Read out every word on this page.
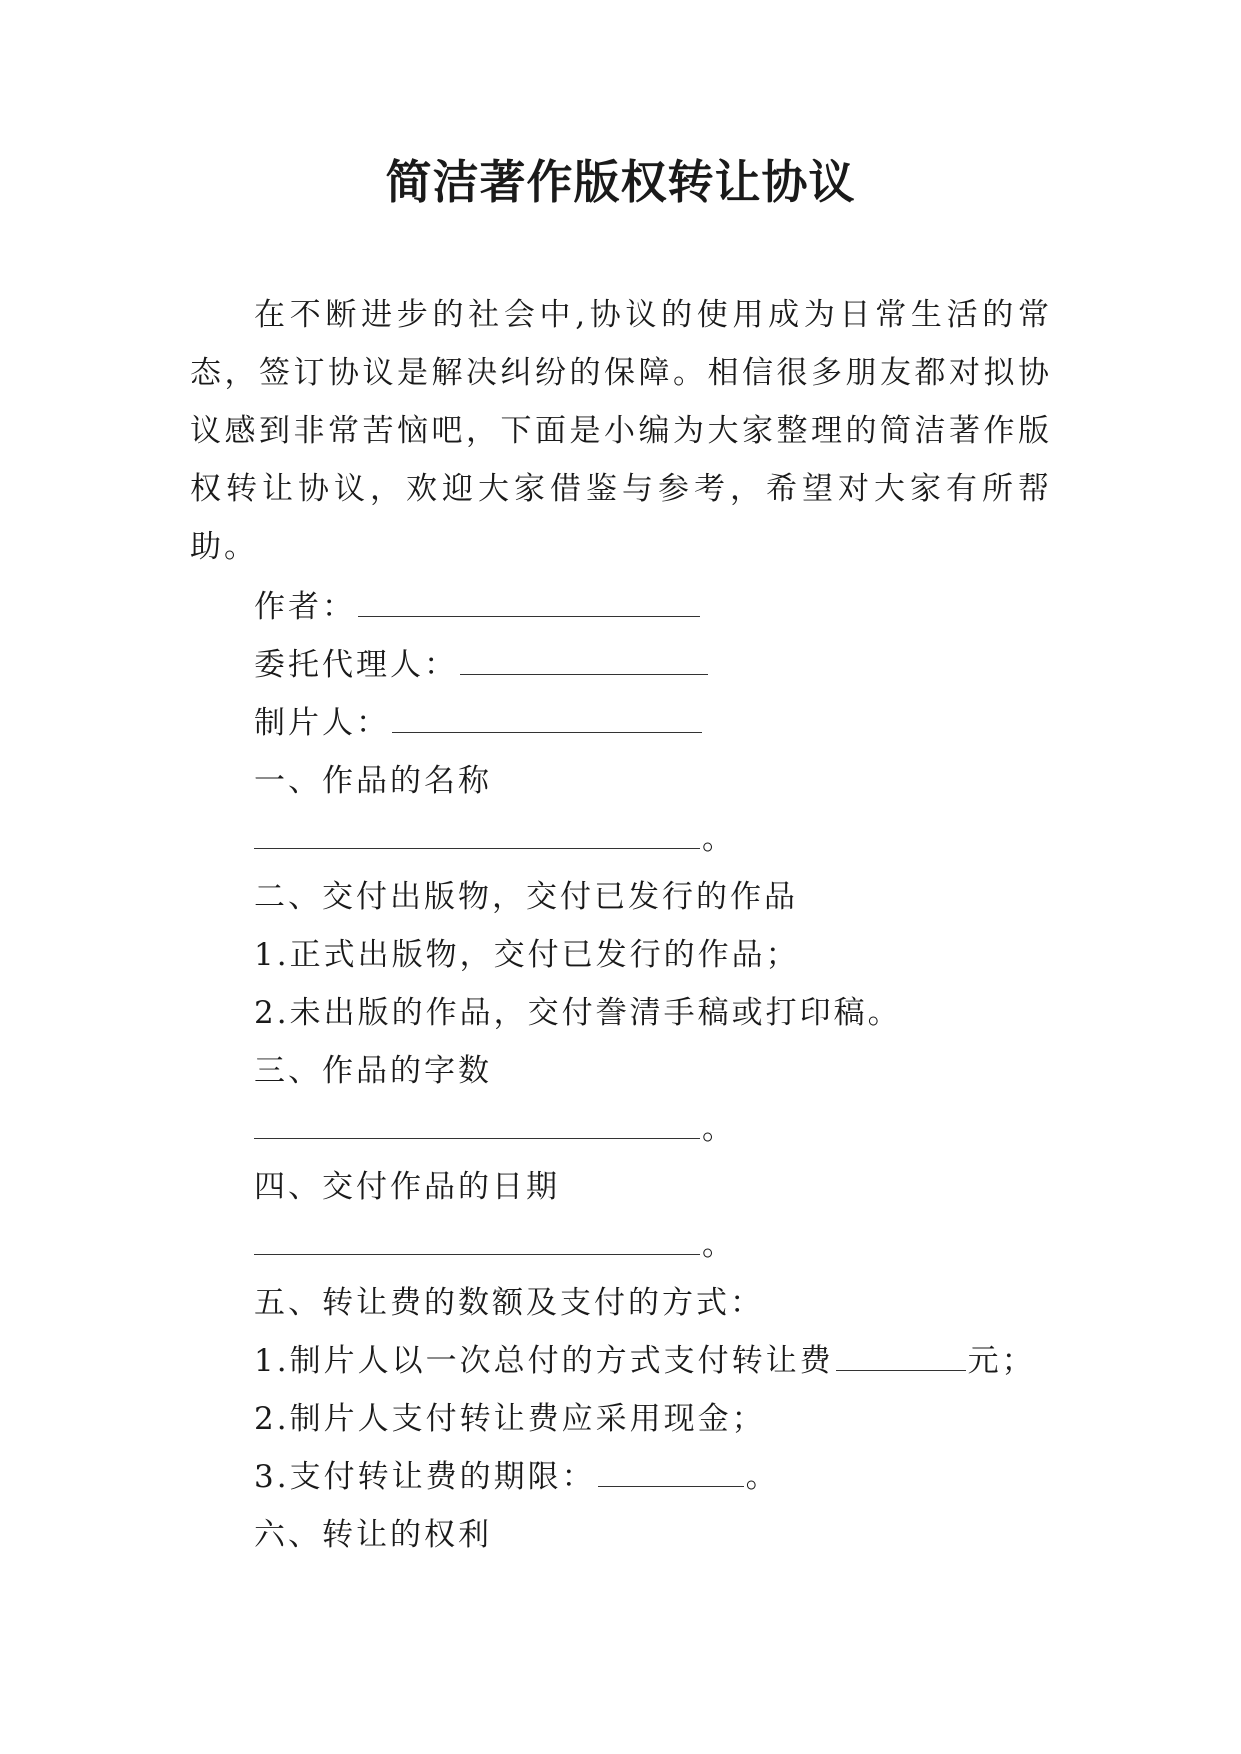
简洁著作版权转让协议

在不断进步的社会中,协议的使用成为日常生活的常态，签订协议是解决纠纷的保障。相信很多朋友都对拟协议感到非常苦恼吧，下面是小编为大家整理的简洁著作版权转让协议，欢迎大家借鉴与参考，希望对大家有所帮助。

作者：
委托代理人：
制片人：
一、作品的名称
。
二、交付出版物，交付已发行的作品
1.正式出版物，交付已发行的作品；
2.未出版的作品，交付誊清手稿或打印稿。
三、作品的字数
。
四、交付作品的日期
。
五、转让费的数额及支付的方式：
1.制片人以一次总付的方式支付转让费	元；
2.制片人支付转让费应采用现金；
3.支付转让费的期限：	。
六、转让的权利
